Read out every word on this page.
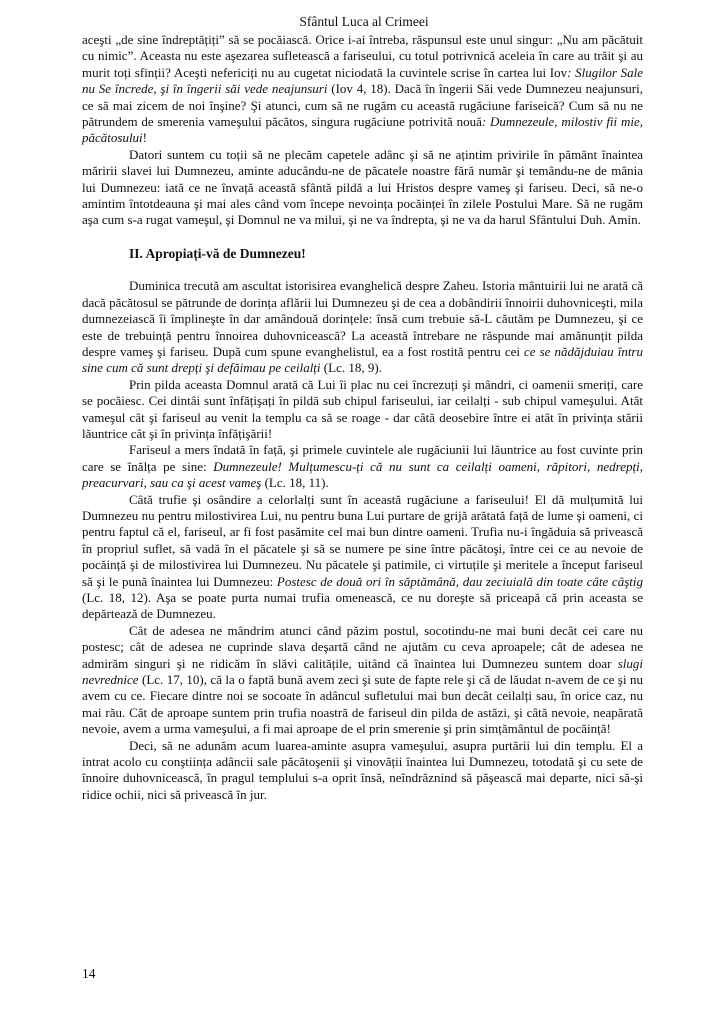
Sfântul Luca al Crimeei

aceşti „de sine îndreptățiți” să se pocăiască. Orice i-ai întreba, răspunsul este unul singur: „Nu am păcătuit cu nimic”. Aceasta nu este aşezarea sufletească a fariseului, cu totul potrivnică aceleia în care au trăit şi au murit toți sfinții? Aceşti nefericiți nu au cugetat niciodată la cuvintele scrise în cartea lui Iov: Slugilor Sale nu Se încrede, şi în îngerii săi vede neajunsuri (Iov 4, 18). Dacă în îngerii Săi vede Dumnezeu neajunsuri, ce să mai zicem de noi înşine? Şi atunci, cum să ne rugăm cu această rugăciune fariseică? Cum să nu ne pătrundem de smerenia vameşului păcătos, singura rugăciune potrivită nouă: Dumnezeule, milostiv fii mie, păcătosului!

Datori suntem cu toții să ne plecăm capetele adânc şi să ne ațintim privirile în pământ înaintea măririi slavei lui Dumnezeu, aminte aducându-ne de păcatele noastre fără număr şi temându-ne de mânia lui Dumnezeu: iată ce ne învață această sfântă pildă a lui Hristos despre vameş şi fariseu. Deci, să ne-o amintim întotdeauna şi mai ales când vom începe nevoința pocăinței în zilele Postului Mare. Să ne rugăm aşa cum s-a rugat vameşul, şi Domnul ne va milui, şi ne va îndrepta, şi ne va da harul Sfântului Duh. Amin.

II. Apropiați-vă de Dumnezeu!

Duminica trecută am ascultat istorisirea evanghelică despre Zaheu. Istoria mântuirii lui ne arată că dacă păcătosul se pătrunde de dorința aflării lui Dumnezeu şi de cea a dobândirii înnoirii duhovniceşti, mila dumnezeiască îi împlineşte în dar amândouă dorințele: însă cum trebuie să-L căutăm pe Dumnezeu, şi ce este de trebuință pentru înnoirea duhovnicească? La această întrebare ne răspunde mai amănunțit pilda despre vameş şi fariseu. După cum spune evanghelistul, ea a fost rostită pentru cei ce se nădăjduiau întru sine cum că sunt drepți şi defăimau pe ceilalți (Lc. 18, 9).

Prin pilda aceasta Domnul arată că Lui îi plac nu cei încrezuți şi mândri, ci oamenii smeriți, care se pocăiesc. Cei dintâi sunt înfățişați în pildă sub chipul fariseului, iar ceilalți - sub chipul vameşului. Atât vameşul cât şi fariseul au venit la templu ca să se roage - dar câtă deosebire între ei atât în privința stării lăuntrice cât şi în privința înfățişării!

Fariseul a mers îndată în față, şi primele cuvintele ale rugăciunii lui lăuntrice au fost cuvinte prin care se înălța pe sine: Dumnezeule! Mulțumescu-ți că nu sunt ca ceilalți oameni, răpitori, nedrepți, preacurvari, sau ca şi acest vameş (Lc. 18, 11).

Câtă trufie şi osândire a celorlalți sunt în această rugăciune a fariseului! El dă mulțumită lui Dumnezeu nu pentru milostivirea Lui, nu pentru buna Lui purtare de grijă arătată față de lume şi oameni, ci pentru faptul că el, fariseul, ar fi fost pasămite cel mai bun dintre oameni. Trufia nu-i îngăduia să privească în propriul suflet, să vadă în el păcatele şi să se numere pe sine între păcătoşi, între cei ce au nevoie de pocăință şi de milostivirea lui Dumnezeu. Nu păcatele şi patimile, ci virtuțile şi meritele a început fariseul să şi le pună înaintea lui Dumnezeu: Postesc de două ori în săptămână, dau zeciuială din toate câte câştig (Lc. 18, 12). Aşa se poate purta numai trufia omenească, ce nu doreşte să priceapă că prin aceasta se depărtează de Dumnezeu.

Cât de adesea ne mândrim atunci când păzim postul, socotindu-ne mai buni decât cei care nu postesc; cât de adesea ne cuprinde slava deşartă când ne ajutăm cu ceva aproapele; cât de adesea ne admirăm singuri şi ne ridicăm în slăvi calitățile, uitând că înaintea lui Dumnezeu suntem doar slugi nevrednice (Lc. 17, 10), că la o faptă bună avem zeci şi sute de fapte rele şi că de lăudat n-avem de ce şi nu avem cu ce. Fiecare dintre noi se socoate în adâncul sufletului mai bun decât ceilalți sau, în orice caz, nu mai rău. Cât de aproape suntem prin trufia noastră de fariseul din pilda de astăzi, şi câtă nevoie, neapărată nevoie, avem a urma vameşului, a fi mai aproape de el prin smerenie şi prin simțământul de pocăință!

Deci, să ne adunăm acum luarea-aminte asupra vameşului, asupra purtării lui din templu. El a intrat acolo cu conştiința adâncii sale păcătoşenii şi vinovății înaintea lui Dumnezeu, totodată şi cu sete de înnoire duhovnicească, în pragul templului s-a oprit însă, neîndrăznind să păşească mai departe, nici să-şi ridice ochii, nici să privească în jur.

14
